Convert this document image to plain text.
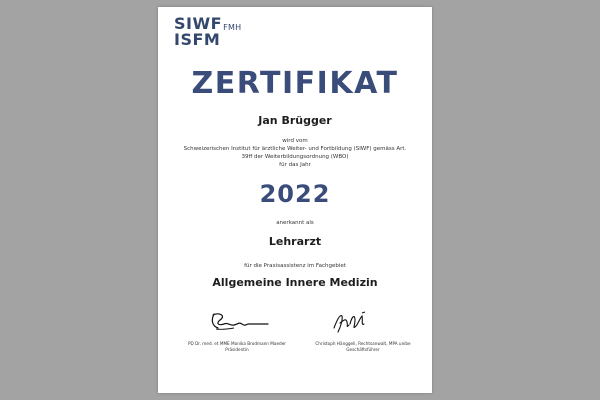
SIWFFMH
ISFM
ZERTIFIKAT
Jan Brügger
wird vom
Schweizerischen Institut für ärztliche Weiter- und Fortbildung (SIWF) gemäss Art.
39ff der Weiterbildungsordnung (WBO)
für das Jahr
2022
anerkannt als
Lehrarzt
für die Praxisassistenz im Fachgebiet
Allgemeine Innere Medizin
PD Dr. med. et MME Monika Brodmann Maeder
Präsidentin
Christoph Hänggeli, Rechtsanwalt, MPA unibe
Geschäftsführer
